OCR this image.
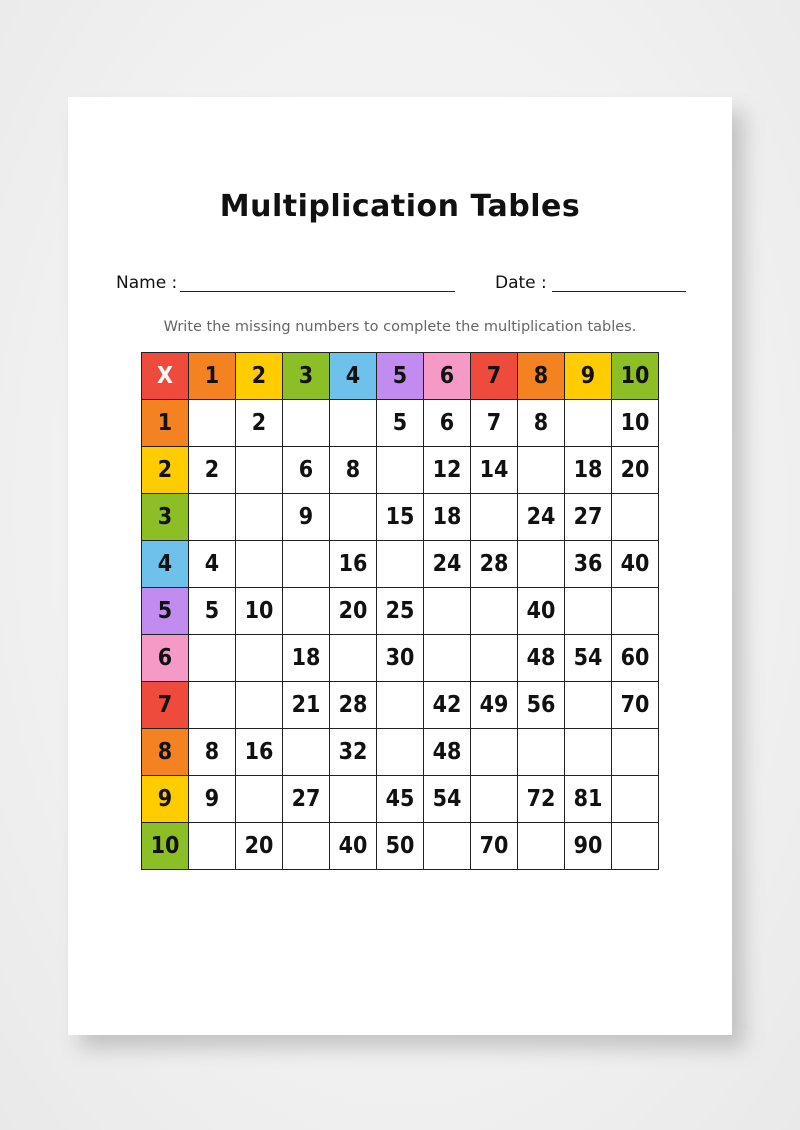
Multiplication Tables
Name :	Date :
Write the missing numbers to complete the multiplication tables.
X	1	2	3	4	5	6	7	8	9	10
1		2			5	6	7	8		10
2	2		6	8		12	14		18	20
3			9		15	18		24	27	
4	4			16		24	28		36	40
5	5	10		20	25			40		
6			18		30			48	54	60
7			21	28		42	49	56		70
8	8	16		32		48				
9	9		27		45	54		72	81	
10		20		40	50		70		90	
